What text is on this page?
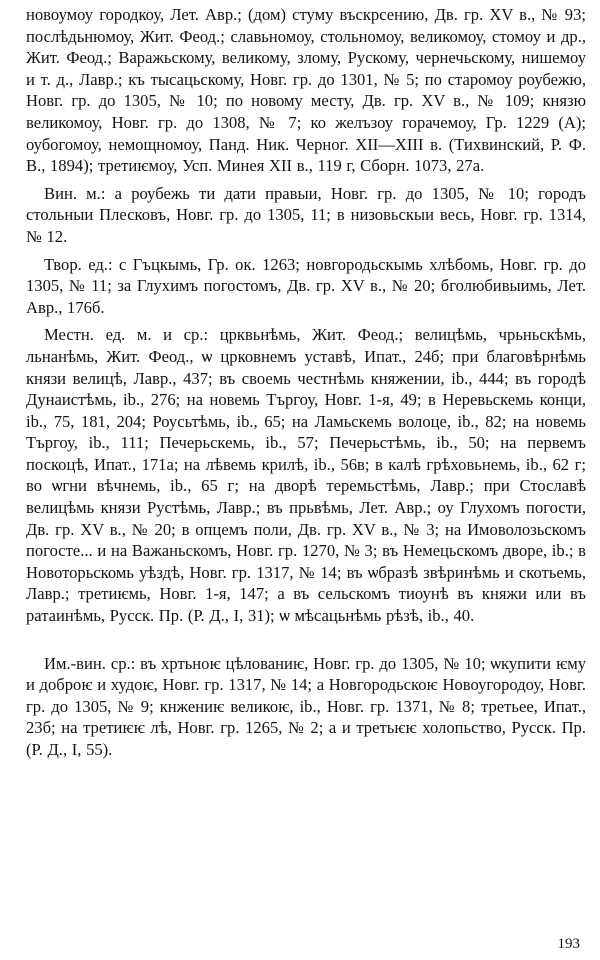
новоумоу городкоу, Лет. Авр.; (дом) стуму въскрсению, Дв. гр. XV в., № 93; послѣдьнюмоу, Жит. Феод.; славьномоу, стольномоу, великомоу, стомоу и др., Жит. Феод.; Варажьскому, великому, злому, Рускому, чернечьскому, нишемоу и т. д., Лавр.; къ тысацьскому, Новг. гр. до 1301, № 5; по старомоу роубежю, Новг. гр. до 1305, № 10; по новому месту, Дв. гр. XV в., № 109; князю великомоу, Новг. гр. до 1308, № 7; ко желъзоу горачемоу, Гр. 1229 (А); оубогомоу, немощномоу, Панд. Ник. Черног. XII—XIII в. (Тихвинский, Р. Ф. В., 1894); третиѥмоу, Усп. Минея XII в., 119 г, Сборн. 1073, 27а.

Вин. м.: а роубежь ти дати правыи, Новг. гр. до 1305, № 10; городъ стольныи Плесковъ, Новг. гр. до 1305, 11; в низовьскыи весь, Новг. гр. 1314, № 12.

Твор. ед.: с Гъцкымь, Гр. ок. 1263; новгородьскымь хлѣбомь, Новг. гр. до 1305, № 11; за Глухимъ погостомъ, Дв. гр. XV в., № 20; бголюбивыимь, Лет. Авр., 176б.

Местн. ед. м. и ср.: црквьнѣмь, Жит. Феод.; велицѣмь, чрьньскѣмь, льнанѣмь, Жит. Феод., ѡ црковнемъ уставѣ, Ипат., 24б; при благовѣрнѣмь князи велицѣ, Лавр., 437; въ своемь честнѣмь княжении, ib., 444; въ городѣ Дунаистѣмь, ib., 276; на новемь Търгоу, Новг. 1-я, 49; в Неревьскемь конци, ib., 75, 181, 204; Роусьтѣмь, ib., 65; на Ламьскемь волоце, ib., 82; на новемь Търгоу, ib., 111; Печерьскемь, ib., 57; Печерьстѣмь, ib., 50; на первемъ поскоцѣ, Ипат., 171а; на лѣвемь крилѣ, ib., 56в; в калѣ грѣховьнемь, ib., 62 г; во ѡгни вѣчнемь, ib., 65 г; на дворѣ теремьстѣмь, Лавр.; при Стославѣ велицѣмь князи Рустѣмь, Лавр.; въ прьвѣмь, Лет. Авр.; оу Глухомъ погости, Дв. гр. XV в., № 20; в опцемъ поли, Дв. гр. XV в., № 3; на Имоволозьскомъ погосте... и на Важаньскомъ, Новг. гр. 1270, № 3; въ Немецьскомъ дворе, ib.; в Новоторьскомь уѣздѣ, Новг. гр. 1317, № 14; въ ѡбразѣ звѣринѣмь и скотьемь, Лавр.; третиѥмь, Новг. 1-я, 147; а въ сельскомъ тиоунѣ въ княжи или въ ратаинѣмь, Русск. Пр. (Р. Д., I, 31); ѡ мѣсацьнѣмь рѣзѣ, ib., 40.

Им.-вин. ср.: въ хртьноѥ цѣлованиѥ, Новг. гр. до 1305, № 10; ѡкупити ѥму и доброѥ и худоѥ, Новг. гр. 1317, № 14; а Новгородьскоѥ Новоугородоу, Новг. гр. до 1305, № 9; кнжениѥ великоѥ, ib., Новг. гр. 1371, № 8; третьее, Ипат., 23б; на третиѥѥ лѣ, Новг. гр. 1265, № 2; а и третьѥѥ холопьство, Русск. Пр. (Р. Д., I, 55).

193
